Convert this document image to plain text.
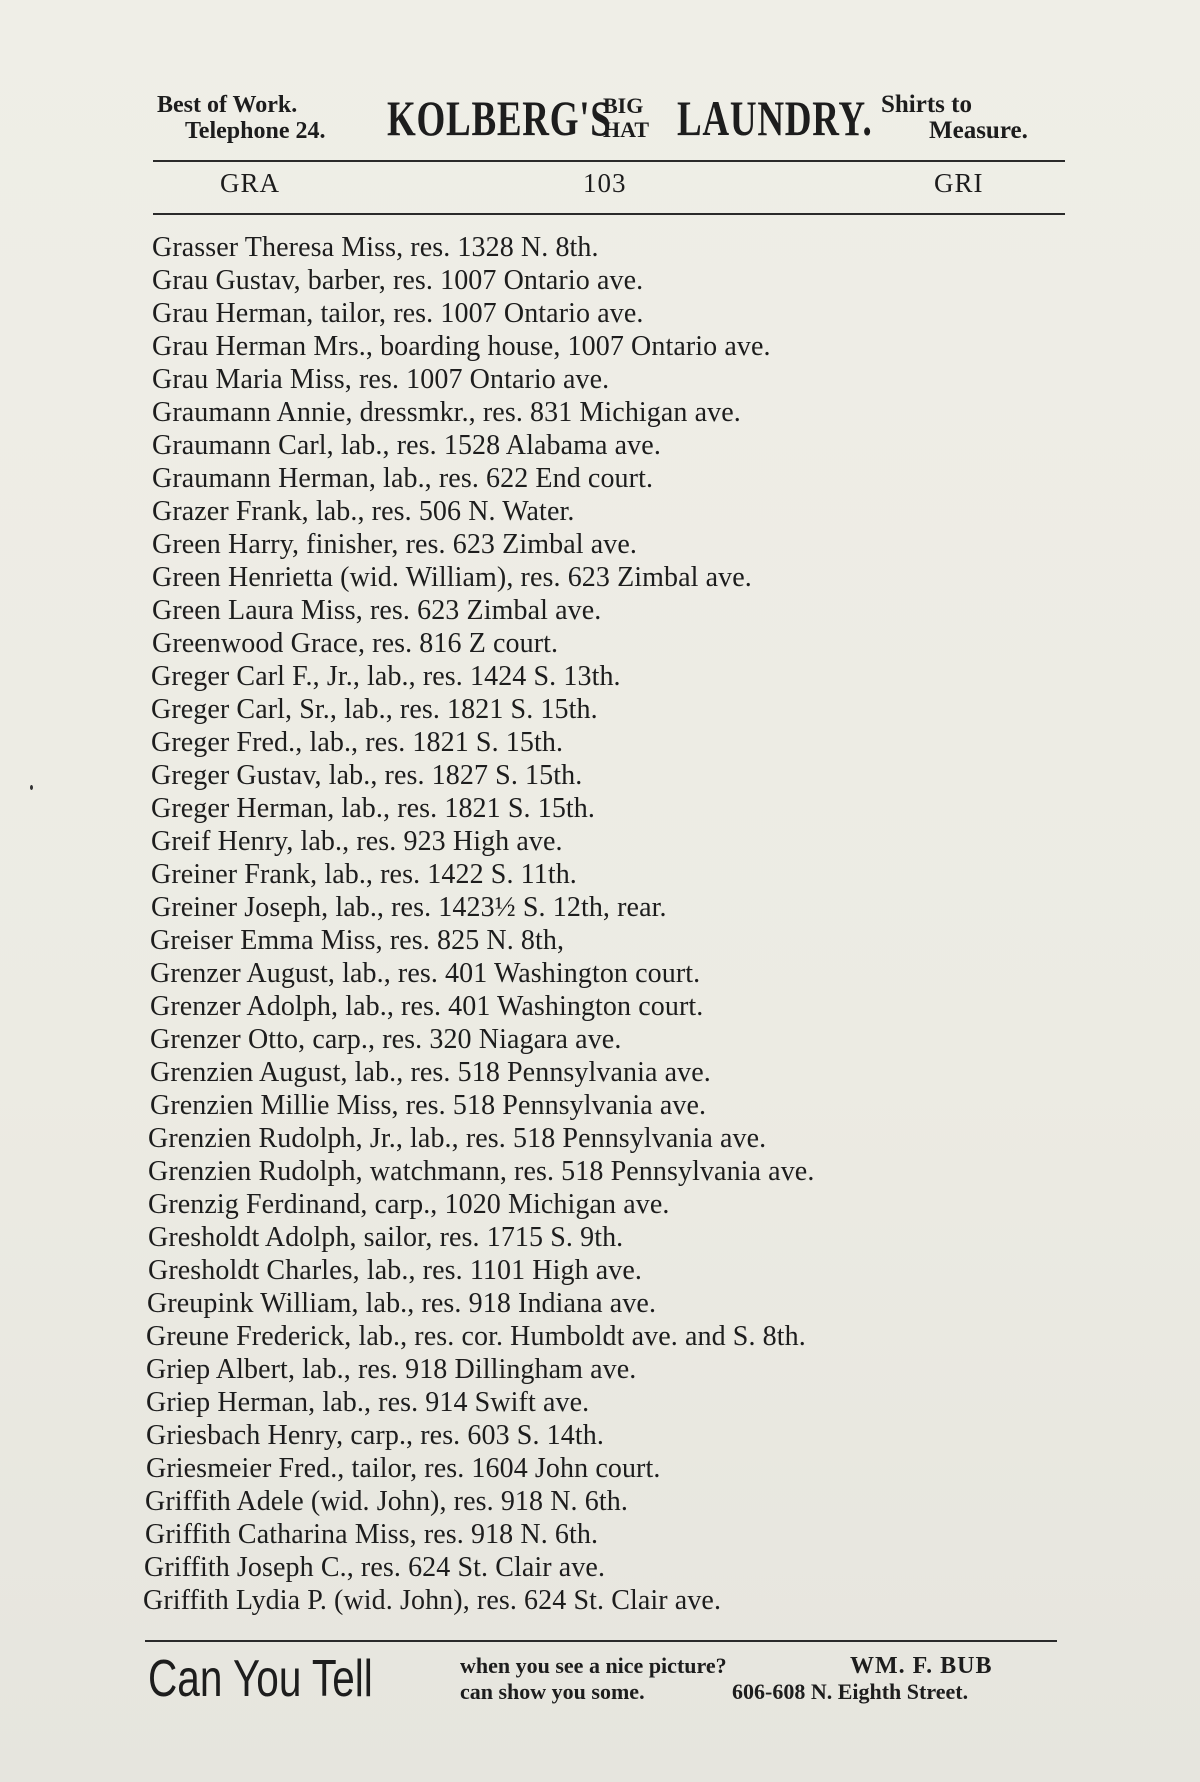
Best of Work.
Telephone 24. KOLBERG'S
BIG
HAT LAUNDRY. Shirts to
Measure.
GRA	103	GRI
Grasser Theresa Miss, res. 1328 N. 8th.
Grau Gustav, barber, res. 1007 Ontario ave.
Grau Herman, tailor, res. 1007 Ontario ave.
Grau Herman Mrs., boarding house, 1007 Ontario ave.
Grau Maria Miss, res. 1007 Ontario ave.
Graumann Annie, dressmkr., res. 831 Michigan ave.
Graumann Carl, lab., res. 1528 Alabama ave.
Graumann Herman, lab., res. 622 End court.
Grazer Frank, lab., res. 506 N. Water.
Green Harry, finisher, res. 623 Zimbal ave.
Green Henrietta (wid. William), res. 623 Zimbal ave.
Green Laura Miss, res. 623 Zimbal ave.
Greenwood Grace, res. 816 Z court.
Greger Carl F., Jr., lab., res. 1424 S. 13th.
Greger Carl, Sr., lab., res. 1821 S. 15th.
Greger Fred., lab., res. 1821 S. 15th.
Greger Gustav, lab., res. 1827 S. 15th.
Greger Herman, lab., res. 1821 S. 15th.
Greif Henry, lab., res. 923 High ave.
Greiner Frank, lab., res. 1422 S. 11th.
Greiner Joseph, lab., res. 1423½ S. 12th, rear.
Greiser Emma Miss, res. 825 N. 8th,
Grenzer August, lab., res. 401 Washington court.
Grenzer Adolph, lab., res. 401 Washington court.
Grenzer Otto, carp., res. 320 Niagara ave.
Grenzien August, lab., res. 518 Pennsylvania ave.
Grenzien Millie Miss, res. 518 Pennsylvania ave.
Grenzien Rudolph, Jr., lab., res. 518 Pennsylvania ave.
Grenzien Rudolph, watchmann, res. 518 Pennsylvania ave.
Grenzig Ferdinand, carp., 1020 Michigan ave.
Gresholdt Adolph, sailor, res. 1715 S. 9th.
Gresholdt Charles, lab., res. 1101 High ave.
Greupink William, lab., res. 918 Indiana ave.
Greune Frederick, lab., res. cor. Humboldt ave. and S. 8th.
Griep Albert, lab., res. 918 Dillingham ave.
Griep Herman, lab., res. 914 Swift ave.
Griesbach Henry, carp., res. 603 S. 14th.
Griesmeier Fred., tailor, res. 1604 John court.
Griffith Adele (wid. John), res. 918 N. 6th.
Griffith Catharina Miss, res. 918 N. 6th.
Griffith Joseph C., res. 624 St. Clair ave.
Griffith Lydia P. (wid. John), res. 624 St. Clair ave.
Can You Tell	when you see a nice picture?
can show you some.
WM. F. BUB
606-608 N. Eighth Street.
